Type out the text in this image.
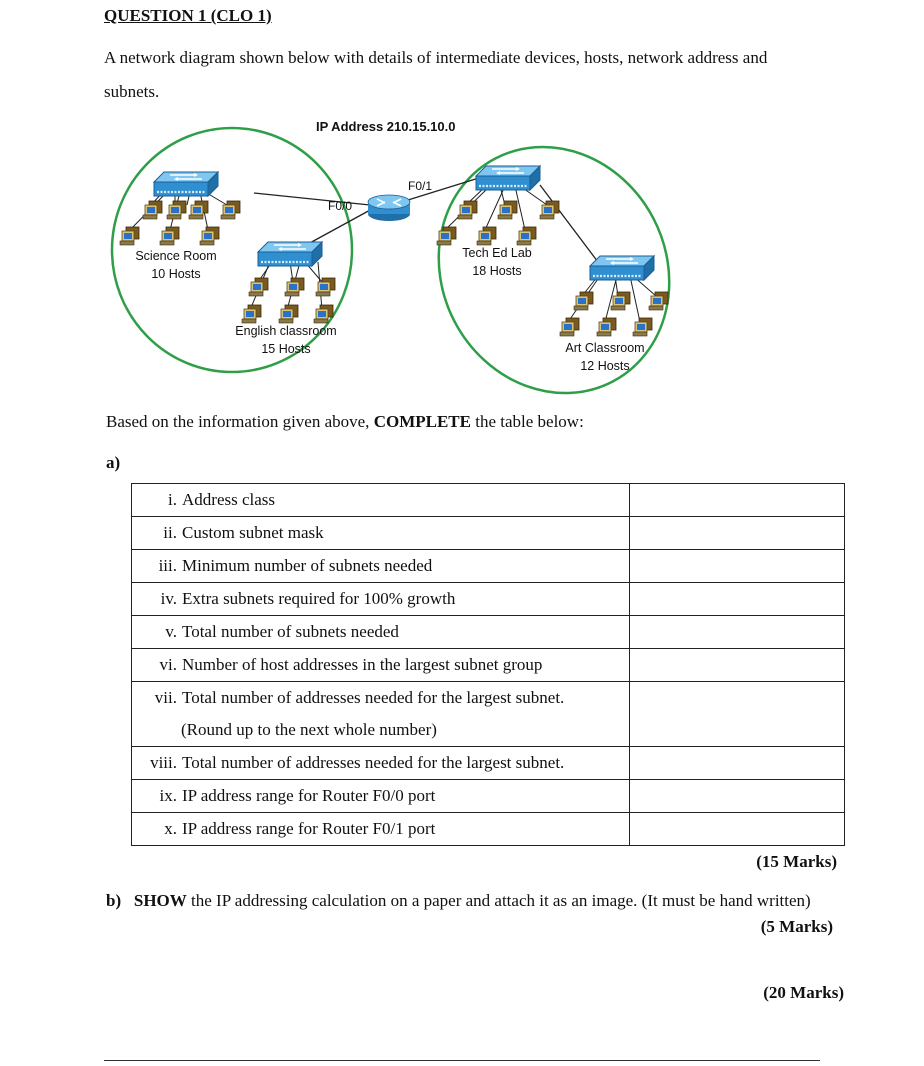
QUESTION 1 (CLO 1)
A network diagram shown below with details of intermediate devices, hosts, network address and
subnets.
IP Address 210.15.10.0
F0/0
F0/1
Science Room
10 Hosts
English classroom
15 Hosts
Tech Ed Lab
18 Hosts
Art Classroom
12 Hosts
Based on the information given above, COMPLETE the table below:
a)
i. Address class	

ii. Custom subnet mask	

iii. Minimum number of subnets needed	

iv. Extra subnets required for 100% growth	

v. Total number of subnets needed	

vi. Number of host addresses in the largest subnet group	

vii. Total number of addresses needed for the largest subnet.
(Round up to the next whole number)	

viii. Total number of addresses needed for the largest subnet.	

ix. IP address range for Router F0/0 port	

x. IP address range for Router F0/1 port	

(15 Marks)
b) SHOW the IP addressing calculation on a paper and attach it as an image. (It must be hand written)
(5 Marks)
(20 Marks)
